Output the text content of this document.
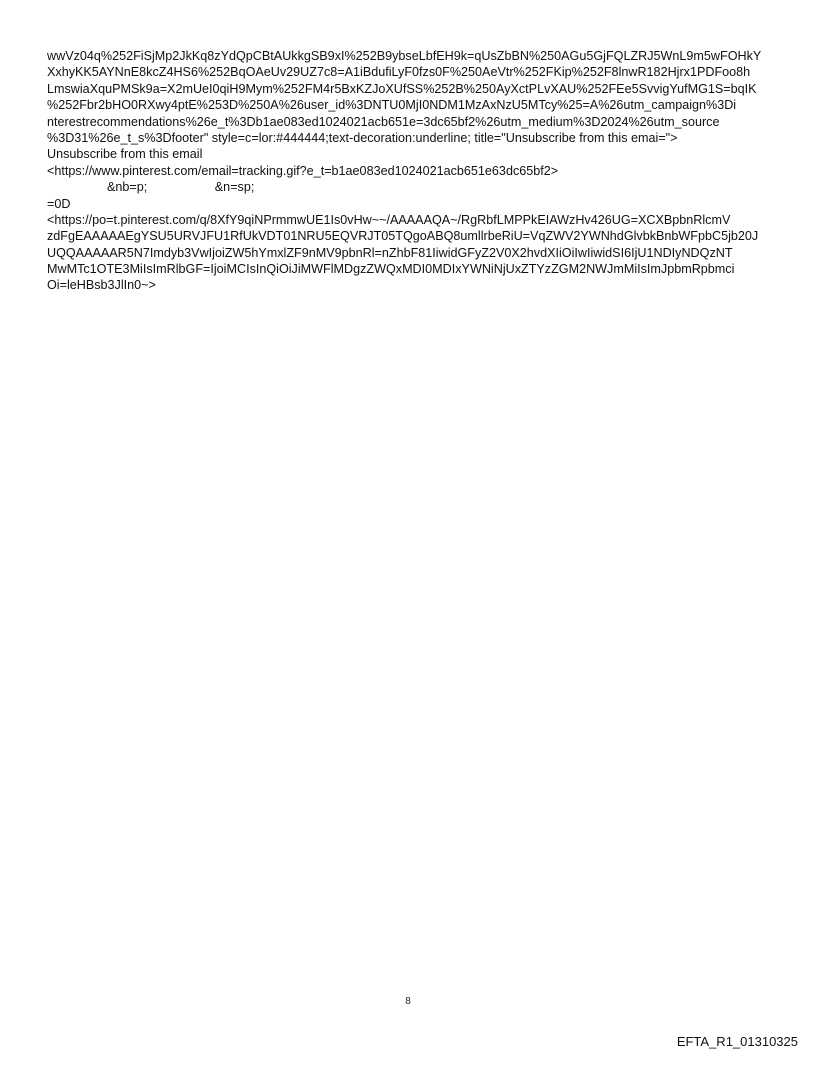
wwVz04q%252FiSjMp2JkKq8zYdQpCBtAUkkgSB9xI%252B9ybseLbfEH9k=qUsZbBN%250AGu5GjFQLZRJ5WnL9m5wFOHkY
XxhyKK5AYNnE8kcZ4HS6%252BqOAeUv29UZ7c8=A1iBdufiLyF0fzs0F%250AeVtr%252FKip%252F8lnwR182Hjrx1PDFoo8h
LmswiaXquPMSk9a=X2mUeI0qiH9Mym%252FM4r5BxKZJoXUfSS%252B%250AyXctPLvXAU%252FEe5SvvigYufMG1S=bqIK
%252Fbr2bHO0RXwy4ptE%253D%250A%26user_id%3DNTU0MjI0NDM1MzAxNzU5MTcy%25=A%26utm_campaign%3Di
nterestrecommendations%26e_t%3Db1ae083ed1024021acb651e=3dc65bf2%26utm_medium%3D2024%26utm_source
%3D31%26e_t_s%3Dfooter" style=c=lor:#444444;text-decoration:underline; title="Unsubscribe from this emai=">
Unsubscribe from this email
<https://www.pinterest.com/email=tracking.gif?e_t=b1ae083ed1024021acb651e63dc65bf2>
&nb=p;	&n=sp;
=0D
<https://po=t.pinterest.com/q/8XfY9qiNPrmmwUE1Is0vHw~~/AAAAAQA~/RgRbfLMPPkEIAWzHv426UG=XCXBpbnRlcmV
zdFgEAAAAAEgYSU5URVJFU1RfUkVDT01NRU5EQVRJT05TQgoABQ8umllrbeRiU=VqZWV2YWNhdGlvbkBnbWFpbC5jb20J
UQQAAAAAR5N7Imdyb3VwIjoiZW5hYmxlZF9nMV9pbnRl=nZhbF81IiwidGFyZ2V0X2hvdXIiOiIwIiwidSI6IjU1NDIyNDQzNT
MwMTc1OTE3MiIsImRlbGF=IjoiMCIsInQiOiJiMWFlMDgzZWQxMDI0MDIxYWNiNjUxZTYzZGM2NWJmMiIsImJpbmRpbmci
Oi=leHBsb3JlIn0~>
8
EFTA_R1_01310325
